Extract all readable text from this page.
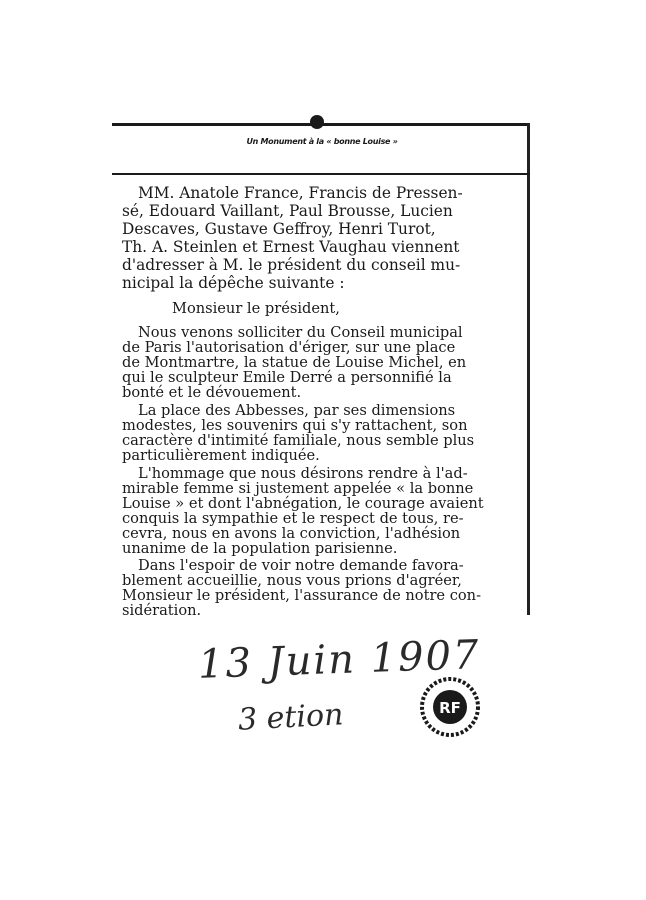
Un Monument à la « bonne Louise »
MM. Anatole France, Francis de Pressen-
sé, Edouard Vaillant, Paul Brousse, Lucien
Descaves, Gustave Geffroy, Henri Turot,
Th. A. Steinlen et Ernest Vaughau viennent
d'adresser à M. le président du conseil mu-
nicipal la dépêche suivante :
Monsieur le président,
Nous venons solliciter du Conseil municipal
de Paris l'autorisation d'ériger, sur une place
de Montmartre, la statue de Louise Michel, en
qui le sculpteur Emile Derré a personnifié la
bonté et le dévouement.
La place des Abbesses, par ses dimensions
modestes, les souvenirs qui s'y rattachent, son
caractère d'intimité familiale, nous semble plus
particulièrement indiquée.
L'hommage que nous désirons rendre à l'ad-
mirable femme si justement appelée « la bonne
Louise » et dont l'abnégation, le courage avaient
conquis la sympathie et le respect de tous, re-
cevra, nous en avons la conviction, l'adhésion
unanime de la population parisienne.
Dans l'espoir de voir notre demande favora-
blement accueillie, nous vous prions d'agréer,
Monsieur le président, l'assurance de notre con-
sidération.
13 Juin 1907
3 etion	RF
